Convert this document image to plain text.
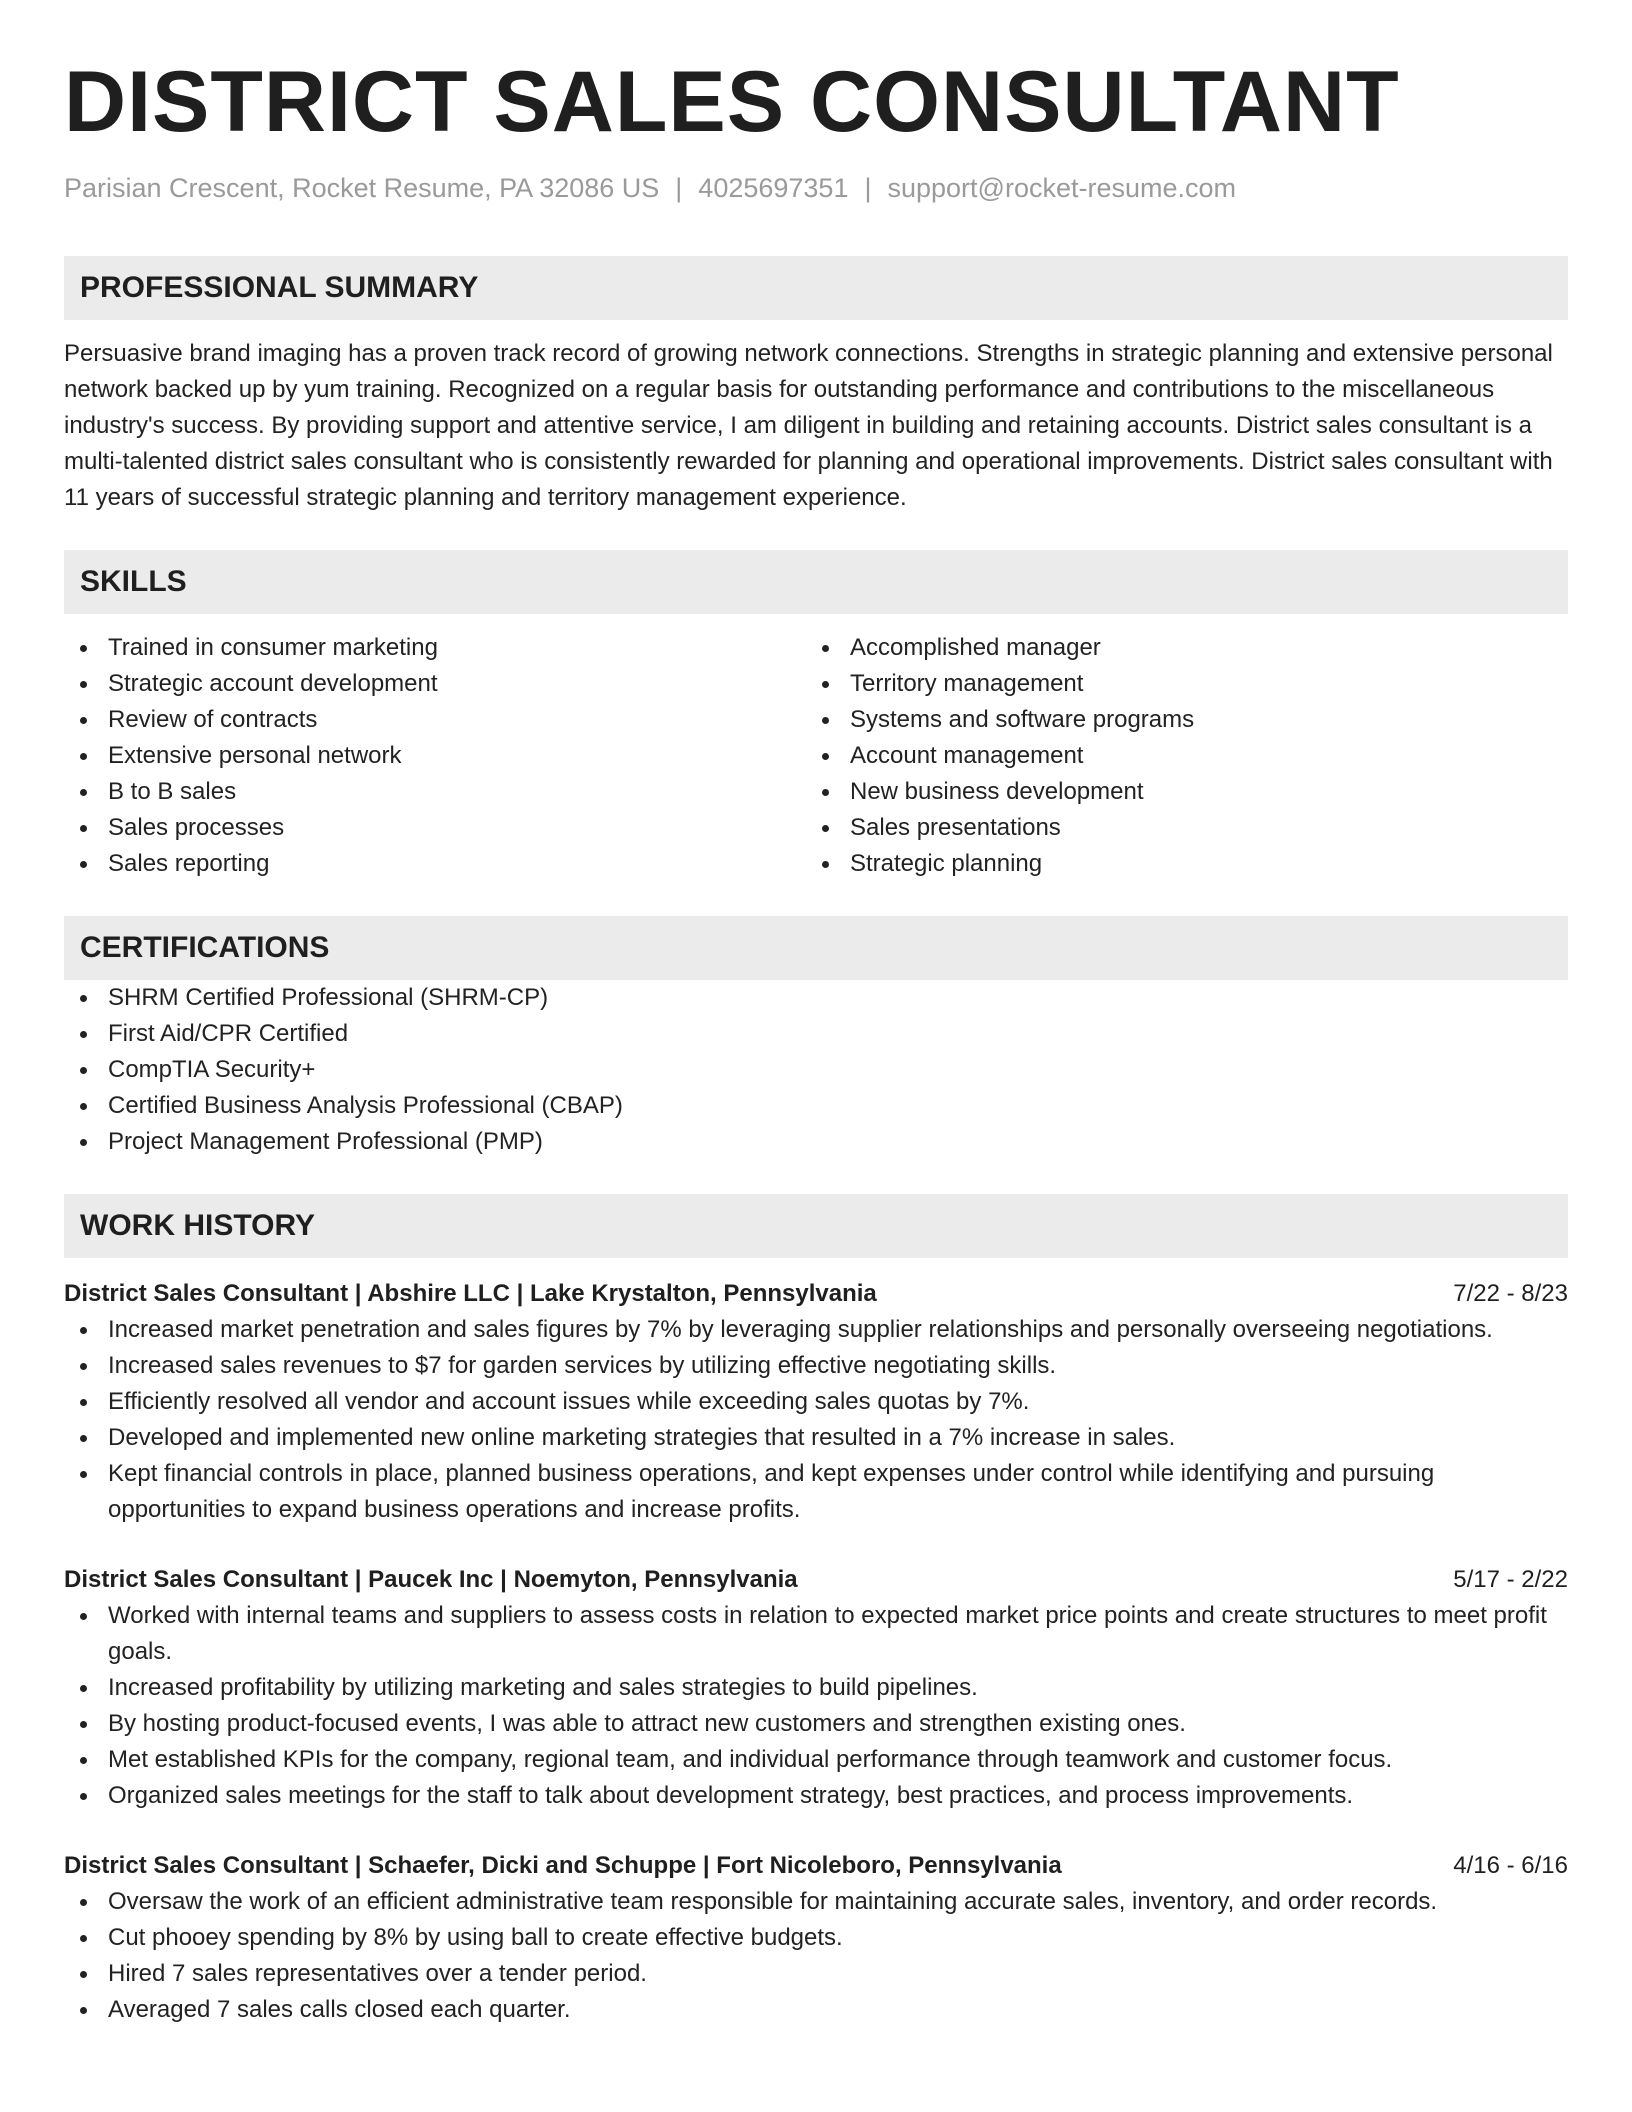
DISTRICT SALES CONSULTANT
Parisian Crescent, Rocket Resume, PA 32086 US | 4025697351 | support@rocket-resume.com
PROFESSIONAL SUMMARY

Persuasive brand imaging has a proven track record of growing network connections. Strengths in strategic planning and extensive personal network backed up by yum training. Recognized on a regular basis for outstanding performance and contributions to the miscellaneous industry's success. By providing support and attentive service, I am diligent in building and retaining accounts. District sales consultant is a multi-talented district sales consultant who is consistently rewarded for planning and operational improvements. District sales consultant with 11 years of successful strategic planning and territory management experience.

SKILLS
Trained in consumer marketing
Strategic account development
Review of contracts
Extensive personal network
B to B sales
Sales processes
Sales reporting
Accomplished manager
Territory management
Systems and software programs
Account management
New business development
Sales presentations
Strategic planning
CERTIFICATIONS
SHRM Certified Professional (SHRM-CP)
First Aid/CPR Certified
CompTIA Security+
Certified Business Analysis Professional (CBAP)
Project Management Professional (PMP)
WORK HISTORY
District Sales Consultant | Abshire LLC | Lake Krystalton, Pennsylvania	7/22 - 8/23
Increased market penetration and sales figures by 7% by leveraging supplier relationships and personally overseeing negotiations.
Increased sales revenues to $7 for garden services by utilizing effective negotiating skills.
Efficiently resolved all vendor and account issues while exceeding sales quotas by 7%.
Developed and implemented new online marketing strategies that resulted in a 7% increase in sales.
Kept financial controls in place, planned business operations, and kept expenses under control while identifying and pursuing opportunities to expand business operations and increase profits.
District Sales Consultant | Paucek Inc | Noemyton, Pennsylvania	5/17 - 2/22
Worked with internal teams and suppliers to assess costs in relation to expected market price points and create structures to meet profit goals.
Increased profitability by utilizing marketing and sales strategies to build pipelines.
By hosting product-focused events, I was able to attract new customers and strengthen existing ones.
Met established KPIs for the company, regional team, and individual performance through teamwork and customer focus.
Organized sales meetings for the staff to talk about development strategy, best practices, and process improvements.
District Sales Consultant | Schaefer, Dicki and Schuppe | Fort Nicoleboro, Pennsylvania	4/16 - 6/16
Oversaw the work of an efficient administrative team responsible for maintaining accurate sales, inventory, and order records.
Cut phooey spending by 8% by using ball to create effective budgets.
Hired 7 sales representatives over a tender period.
Averaged 7 sales calls closed each quarter.
